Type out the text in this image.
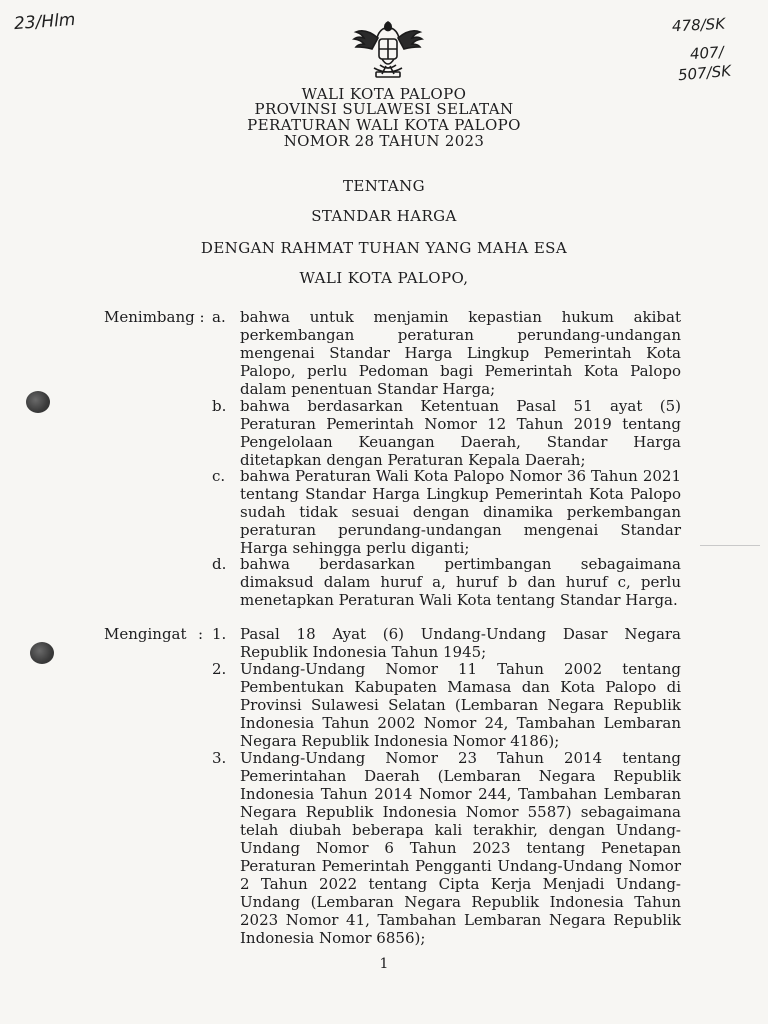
23/Hlm	478/SK
407/
507/SK
WALI KOTA PALOPO
PROVINSI SULAWESI SELATAN
PERATURAN WALI KOTA PALOPO
NOMOR 28 TAHUN 2023
TENTANG
STANDAR HARGA
DENGAN RAHMAT TUHAN YANG MAHA ESA
WALI KOTA PALOPO,
Menimbang : a. bahwa untuk menjamin kepastian hukum akibat perkembangan peraturan perundang-undangan mengenai Standar Harga Lingkup Pemerintah Kota Palopo, perlu Pedoman bagi Pemerintah Kota Palopo dalam penentuan Standar Harga;
b. bahwa berdasarkan Ketentuan Pasal 51 ayat (5) Peraturan Pemerintah Nomor 12 Tahun 2019 tentang Pengelolaan Keuangan Daerah, Standar Harga ditetapkan dengan Peraturan Kepala Daerah;
c. bahwa Peraturan Wali Kota Palopo Nomor 36 Tahun 2021 tentang Standar Harga Lingkup Pemerintah Kota Palopo sudah tidak sesuai dengan dinamika perkembangan peraturan perundang-undangan mengenai Standar Harga sehingga perlu diganti;
d. bahwa berdasarkan pertimbangan sebagaimana dimaksud dalam huruf a, huruf b dan huruf c, perlu menetapkan Peraturan Wali Kota tentang Standar Harga.
Mengingat : 1. Pasal 18 Ayat (6) Undang-Undang Dasar Negara Republik Indonesia Tahun 1945;
2. Undang-Undang Nomor 11 Tahun 2002 tentang Pembentukan Kabupaten Mamasa dan Kota Palopo di Provinsi Sulawesi Selatan (Lembaran Negara Republik Indonesia Tahun 2002 Nomor 24, Tambahan Lembaran Negara Republik Indonesia Nomor 4186);
3. Undang-Undang Nomor 23 Tahun 2014 tentang Pemerintahan Daerah (Lembaran Negara Republik Indonesia Tahun 2014 Nomor 244, Tambahan Lembaran Negara Republik Indonesia Nomor 5587) sebagaimana telah diubah beberapa kali terakhir, dengan Undang-Undang Nomor 6 Tahun 2023 tentang Penetapan Peraturan Pemerintah Pengganti Undang-Undang Nomor 2 Tahun 2022 tentang Cipta Kerja Menjadi Undang-Undang (Lembaran Negara Republik Indonesia Tahun 2023 Nomor 41, Tambahan Lembaran Negara Republik Indonesia Nomor 6856);
1
